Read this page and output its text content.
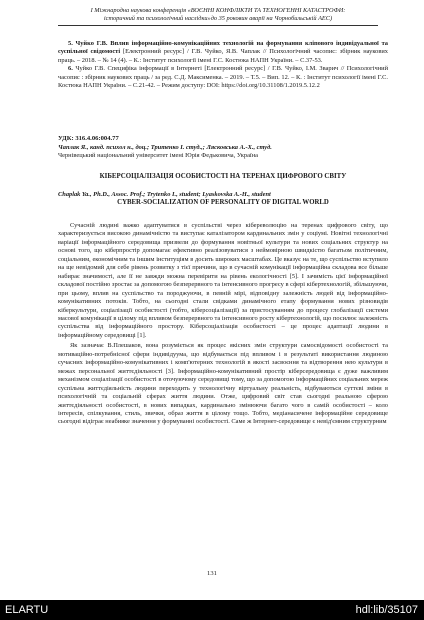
І Міжнародна наукова конференція «ВОЄННІ КОНФЛІКТИ ТА ТЕХНОГЕННІ КАТАСТРОФИ:
історичний та психологічний наслідки»до 35 роковин аварії на Чорнобильській АЕС)

5. Чуйко Г.В. Вплив інформаційно-комунікаційних технологій на формування кліпового індивідуальної та суспільної свідомості [Електронний ресурс] / Г.В. Чуйко, Я.В. Чаплак // Психологічний часопис: збірник наукових праць. – 2018. – № 14 (4). – К.: Інститут психології імені Г.С. Костюка НАПН України. – С.37-53.

6. Чуйко Г.В. Специфіка інформації в Інтернеті [Електронний ресурс] / Г.В. Чуйко, І.М. Зварич // Психологічний часопис : збірник наукових праць / за ред. С.Д. Максименка. – 2019. – Т.5. – Вип. 12. – К. : Інститут психології імені Г.С. Костюка НАПН України. – С.21-42. – Режим доступу: DOI: https://doi.org/10.31108/1.2019.5.12.2

УДК: 316.4.06:004.77
Чаплак Я., канд. психол н., доц.; Тритенко І. студ.,; Лясковська А.-Х., студ.
Чернівецький національний університет імені Юрія Федьковича, Україна
КІБЕРСОЦІАЛІЗАЦІЯ ОСОБИСТОСТІ НА ТЕРЕНАХ ЦИФРОВОГО СВІТУ
Chaplak Ya., Ph.D., Assoc. Prof.; Trytenko I., student; Lyaskovska A.-H., student
CYBER-SOCIALIZATION OF PERSONALITY OF DIGITAL WORLD

Сучасній людині важко адаптуватися в суспільстві через кібереволюцію на теренах цифрового світу, що характеризується високою динамічністю та виступає каталізатором кардинальних змін у соціумі. Новітні технологічні варіації інформаційного середовища призвели до формування новітньої культури та нових соціальних структур на основі того, що кіберпростір допомагає ефективно реалізовуватися з неймовірною швидкістю багатьом політичним, соціальним, економічним та іншим інституціям в досить широких масштабах. Це вказує на те, що суспільство вступило на ще невідомий для себе рівень розвитку з тієї причини, що в сучасній комунікації інформаційна складова все більше набирає значимості, але її не завжди можна перевірити на рівень екологічності [5]. І зачимість цієї інформаційної складової постійно зростає за допомогою безперервного та інтенсивного прогресу в сфері кібертехнологій, збільшуючи, при цьому, вплив на суспільство та породжуючи, в певній мірі, відповідну залежність людей від інформаційно-комунікативних потоків. Тобто, на сьогодні стали свідками динамічного етапу формування нових різновидів кіберкультури, соціалізації особистості (тобто, кіберсоціалізації) за пристосуванням до процесу глобалізації системи масової комунікації в цілому під впливом безперервного та інтенсивного росту кібертехнологій, що посилює залежність суспільства від інформаційного простору. Кіберсоціалізація особистості – це процес адаптації людини в інформаційному середовищі [1].

Як зазначає В.Плешаков, вона розуміється як процес якісних змін структури самосвідомості особистості та мотиваційно-потребнісної сфери індивідуума, що відбувається під впливом і в результаті використання людиною сучасних інформаційно-комунікативних і комп'ютерних технологій в якості засвоєння та відтворення нею культури в межах персональної життєдіяльності [3]. Інформаційно-комунікативний простір кіберсередовища є дуже важливим механізмом соціалізації особистості в оточуючому середовищі тому, що за допомогою інформаційних соціальних мереж суспільна життєдіяльність людини переходить у технологічну віртуальну реальність, відбуваються суттєві зміни в психологічній та соціальній сферах життя людини. Отже, цифровий світ став сьогодні реальною сферою життєдіяльності особистості, в нових випадках, кардинально змінюючи багато чого в самій особистості – коло інтересів, спілкування, стиль, звички, образ життя в цілому тощо. Тобто, медіанасичене інформаційне середовище сьогодні відіграє неабияке значення у формуванні особистості. Саме ж Інтернет-середовище є невід'ємним структурним

131
ELARTU	hdl:lib/35107
